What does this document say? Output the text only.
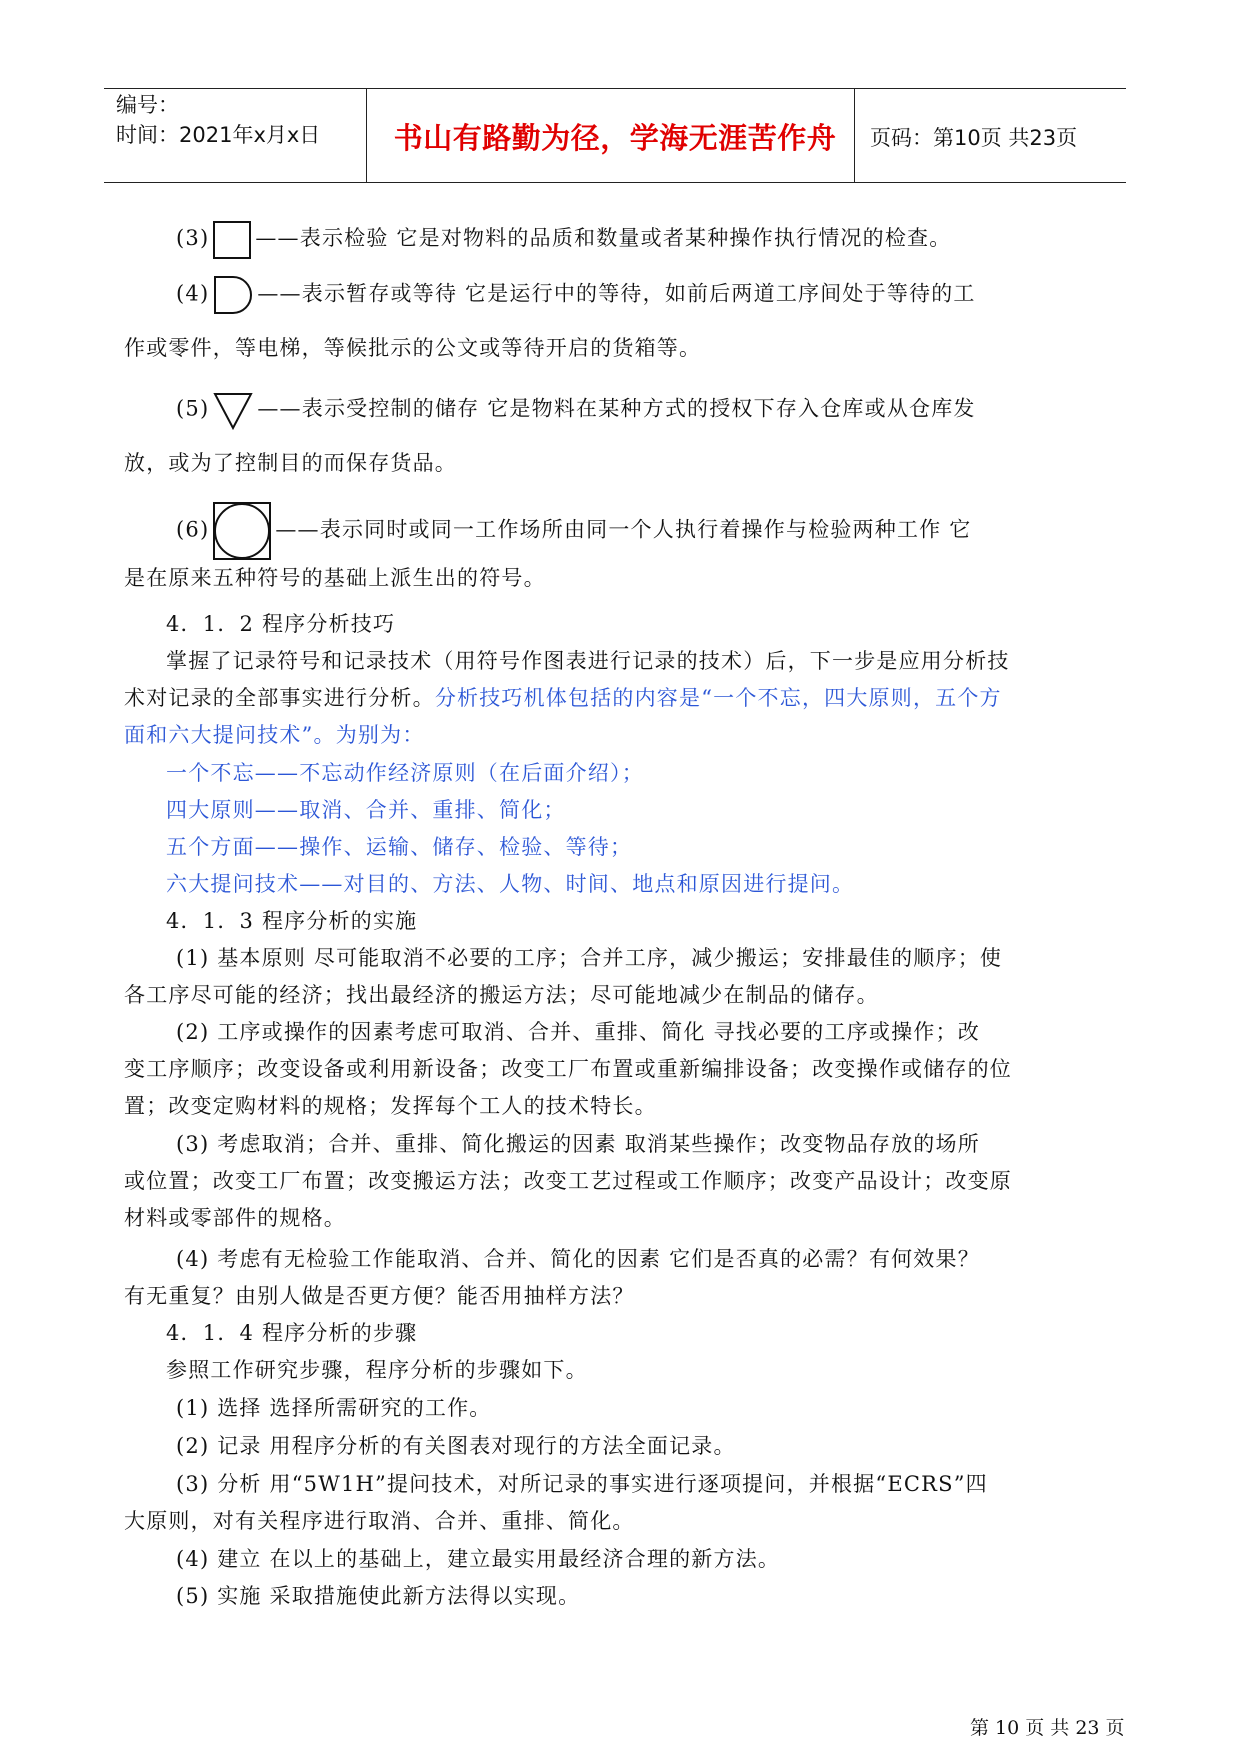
编号：
时间：2021年x月x日	书山有路勤为径，学海无涯苦作舟	页码：第10页 共23页
(3) ——表示检验 它是对物料的品质和数量或者某种操作执行情况的检查。
(4) ——表示暂存或等待 它是运行中的等待，如前后两道工序间处于等待的工
作或零件，等电梯，等候批示的公文或等待开启的货箱等。
(5) ——表示受控制的储存 它是物料在某种方式的授权下存入仓库或从仓库发
放，或为了控制目的而保存货品。
(6)	——表示同时或同一工作场所由同一个人执行着操作与检验两种工作 它
是在原来五种符号的基础上派生出的符号。
4．1．2 程序分析技巧
掌握了记录符号和记录技术（用符号作图表进行记录的技术）后，下一步是应用分析技
术对记录的全部事实进行分析。分析技巧机体包括的内容是“一个不忘，四大原则，五个方
面和六大提问技术”。为别为：
一个不忘——不忘动作经济原则（在后面介绍）；
四大原则——取消、合并、重排、简化；
五个方面——操作、运输、储存、检验、等待；
六大提问技术——对目的、方法、人物、时间、地点和原因进行提问。
4．1．3 程序分析的实施
(1) 基本原则 尽可能取消不必要的工序；合并工序，减少搬运；安排最佳的顺序；使
各工序尽可能的经济；找出最经济的搬运方法；尽可能地减少在制品的储存。
(2) 工序或操作的因素考虑可取消、合并、重排、简化 寻找必要的工序或操作；改
变工序顺序；改变设备或利用新设备；改变工厂布置或重新编排设备；改变操作或储存的位
置；改变定购材料的规格；发挥每个工人的技术特长。
(3) 考虑取消；合并、重排、简化搬运的因素 取消某些操作；改变物品存放的场所
或位置；改变工厂布置；改变搬运方法；改变工艺过程或工作顺序；改变产品设计；改变原
材料或零部件的规格。
(4) 考虑有无检验工作能取消、合并、简化的因素 它们是否真的必需？有何效果？
有无重复？由别人做是否更方便？能否用抽样方法？
4．1．4 程序分析的步骤
参照工作研究步骤，程序分析的步骤如下。
(1) 选择 选择所需研究的工作。
(2) 记录 用程序分析的有关图表对现行的方法全面记录。
(3) 分析 用“5W1H”提问技术，对所记录的事实进行逐项提问，并根据“ECRS”四
大原则，对有关程序进行取消、合并、重排、简化。
(4) 建立 在以上的基础上，建立最实用最经济合理的新方法。
(5) 实施 采取措施使此新方法得以实现。
第 10 页 共 23 页
